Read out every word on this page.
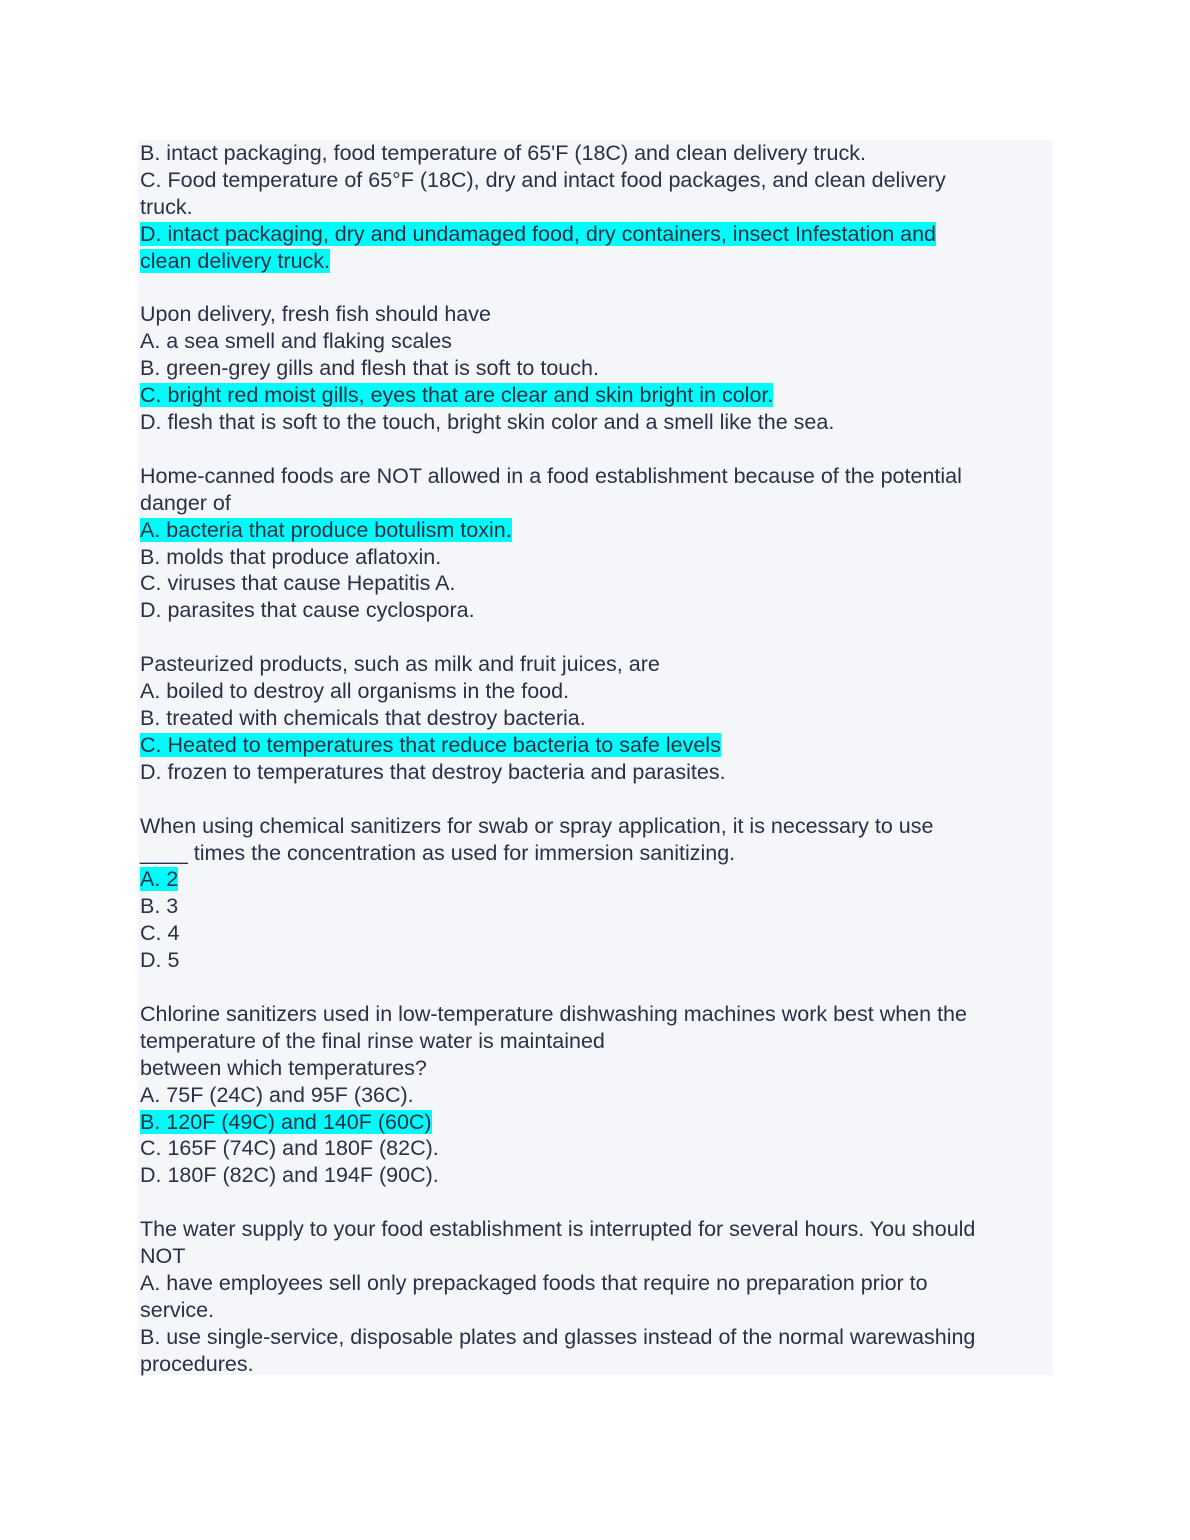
B. intact packaging, food temperature of 65'F (18C) and clean delivery truck.
C. Food temperature of 65°F (18C), dry and intact food packages, and clean delivery
truck.
D. intact packaging, dry and undamaged food, dry containers, insect Infestation and
clean delivery truck.
Upon delivery, fresh fish should have
A. a sea smell and flaking scales
B. green-grey gills and flesh that is soft to touch.
C. bright red moist gills, eyes that are clear and skin bright in color.
D. flesh that is soft to the touch, bright skin color and a smell like the sea.
Home-canned foods are NOT allowed in a food establishment because of the potential
danger of
A. bacteria that produce botulism toxin.
B. molds that produce aflatoxin.
C. viruses that cause Hepatitis A.
D. parasites that cause cyclospora.
Pasteurized products, such as milk and fruit juices, are
A. boiled to destroy all organisms in the food.
B. treated with chemicals that destroy bacteria.
C. Heated to temperatures that reduce bacteria to safe levels
D. frozen to temperatures that destroy bacteria and parasites.
When using chemical sanitizers for swab or spray application, it is necessary to use
____ times the concentration as used for immersion sanitizing.
A. 2
B. 3
C. 4
D. 5
Chlorine sanitizers used in low-temperature dishwashing machines work best when the
temperature of the final rinse water is maintained
between which temperatures?
A. 75F (24C) and 95F (36C).
B. 120F (49C) and 140F (60C)
C. 165F (74C) and 180F (82C).
D. 180F (82C) and 194F (90C).
The water supply to your food establishment is interrupted for several hours. You should
NOT
A. have employees sell only prepackaged foods that require no preparation prior to
service.
B. use single-service, disposable plates and glasses instead of the normal warewashing
procedures.
